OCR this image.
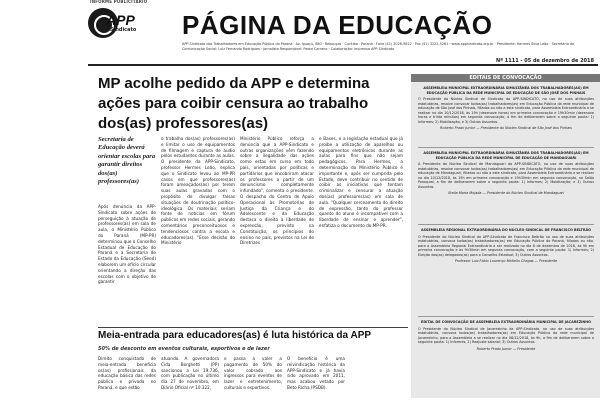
INFORME PUBLICITÁRIO
APP
Sindicato PÁGINA DA EDUCAÇÃO
APP-Sindicato dos Trabalhadores em Educação Pública do Paraná · Av. Iguaçu, 880 · Rebouças · Curitiba · Paraná · Fone (41) 3026-9822 · Fax (41) 3222-5261 · www.appsindicato.org.br · Presidente: Hermes Silva Leão · Secretário de Comunicação Social: Luiz Fernando Rodrigues · Jornalista Responsável: Pedro Carrano · Colaboração: Imprensa APP-Sindicato
Nº 1111 - 05 de dezembro de 2018
MP acolhe pedido da APP e determina ações para coibir censura ao trabalho dos(as) professores(as)

Secretaria de Educação deverá orientar escolas para garantir direitos dos(as) professores(as)

Após denúncia da APP-Sindicato sobre ações de perseguição à atuação de professores(as) em sala de aula, o Ministério Público do Paraná (MP-PR) determinou que o Conselho Estadual de Educação do Paraná e a Secretaria de Estado da Educação (Seed) elaborem um ofício circular orientando a direção das escolas com o objetivo de garantir

o trabalho dos(as) professores(as) e limitar o uso de equipamentos de filmagem e captura de áudio pelos estudantes durante as aulas. O presidente da APP-Sindicato, professor Hermes Leão, explica que o Sindicato levou ao MP-PR casos em que professores(as) foram ameaçados(as) por terem suas aulas gravadas com o propósito de divulgar falsas situações de doutrinação político-ideológica. Os materiais seriam fonte de notícias em fórum públicos em redes sociais, gerando comentários preconceituosos e tendenciosos contra a escola e educadores(as). "Esse decisão do Ministério

Ministério Público reforça a denúncia que a APP-Sindicato e outras organizações vêm fazendo sobre a ilegalidade das ações como estas em curso em todo país, orientadas por políticas e partidários que encobriram atacar os professores a partir de um denuncismo completamente infundado", comenta o presidente. O despacho do Centro de Apoio Operacional às Promotorias de Justiça da Criança e do Adolescente e da Educação destaca o direito à liberdade de expressão, previsto na Constituição, os princípios do ensino no país, previstos na Lei de Diretrizes

e Bases, e a legislação estadual que já proíbe a utilização de aparelhos ou equipamentos eletrônicos durante as aulas para fins que não sejam pedagógicos. Para Hermes, a determinação do Ministério Público é importante e, após ser cumprida pelo Estado, deve contribuir no sentido de coibir as iniciativas que tentam criminalizar e censurar a atuação dos(as) professores(as) em sala de aula. "Qualquer cerceamento do direito de expressão, tanto do professor quanto do aluno é incompatível com a liberdade de ensinar e aprender", enfatiza o documento do MP-PR.

EDITAIS DE CONVOCAÇÃO
ASSEMBLEIA MUNICIPAL EXTRAORDINÁRIA SIMULTÂNEA DOS TRABALHADORES(AS) EM EDUCAÇÃO PÚBLICA DA REDE MUNICIPAL DE EDUCAÇÃO DE SÃO JOSÉ DOS PINHAIS
O Presidente do Núcleo Sindical de Sindicato da APP-SINDICATO, no uso de suas atribuições estatutárias, resolve convocar todos(as) trabalhadores(as) em Educação Pública da rede municipal de educação de São José dos Pinhais, filiados ou não a este sindicato, para Assembleia Extraordinária a se realizar no dia 10/12/2018, às 19h (dezenove horas) em primeira convocação e 19h30min (dezenove horas e trinta minutos) em segunda convocação, a fim de deliberarem sobre a seguinte pauta: 1) Informes; 2) Mobilização; e 3) Outros Assuntos.
Roberto Prado Junior — Presidente do Núcleo Sindical de São José dos Pinhais
ASSEMBLEIA MUNICIPAL EXTRAORDINÁRIA SIMULTÂNEA DOS TRABALHADORES(AS) EM EDUCAÇÃO PÚBLICA DA REDE MUNICIPAL DE EDUCAÇÃO DE MANDAGUARI
A Presidente do Núcleo Sindical de Mandaguari da APP-SINDICATO, no uso de suas atribuições estatutárias, resolve convocar todos(as) trabalhadores(as) em Educação Pública da rede municipal de educação de Mandaguari, filiados ou não a este sindicato, para Assembleia Extraordinária a se realizar no dia 10/12/2018, às 19h em primeira convocação e 19h30min em segunda convocação, no Salão Paroquial, a fim de deliberarem sobre a seguinte pauta: 1) Informes; 2) Mobilização; e 3) Outros Assuntos.
Stella Maria Mojada — Presidente do Núcleo Sindical de Mandaguari
ASSEMBLEIA REGIONAL EXTRAORDINÁRIA DO NÚCLEO SINDICAL DE FRANCISCO BELTRÃO
O Presidente do Núcleo Sindical da APP-Sindicato de Francisco Beltrão no uso de suas atribuições estatutárias, convoca todos(as) trabalhadores(as) em Educação Pública do Paraná, filiados ou não, para a Assembleia Regional Extraordinária a ser realizada no dia 8 de dezembro de 2018, às 9h em primeira convocação e às 9h30min em segunda convocação, com a seguinte pauta: 1) Informes; 2) Eleição dos(as) delegados(as) para o Conselho Estadual; 3) Outros Assuntos.
Professor Luiz Fábio Lourenço Matiello Chagas — Presidente
EDITAL DE CONVOCAÇÃO DE ASSEMBLEIA EXTRAORDINÁRIA MUNICIPAL DE JACAREZINHO
O Presidente do Núcleo Sindical de Jacarezinho da APP-Sindicato, no uso de suas atribuições estatutárias, convoca todos(as) trabalhadores(as) em Educação Pública da rede municipal de Jacarezinho, para a Assembleia a se realizar no dia 08/12/2018, às 9h, a fim de deliberarem sobre a seguinte pauta: 1) Informes; 2) Reajuste salarial; 3) Outros Assuntos.
Roberto Prado Junior — Presidente
Meia-entrada para educadores(as) é luta histórica da APP

50% de desconto em eventos culturais, esportivos e de lazer

Direito conquistado de meia-entrada beneficia os(as) profissionais da educação básica das redes pública e privada no Paraná, e que estão

atuando. A governadora Cida Borghetti (PP) sancionou a Lei 19.736, com publicação no último dia 27 de novembro, em Diário Oficial nº 10.322,

e passa a valer a pagamento de 50% do valor cobrado aos ingressos para eventos de lazer e entretenimento, culturais e esportivos.

O benefício é uma reivindicação histórica da APP-Sindicato e já havia sido aprovado em 2011, mas acabou vetado por Beto Richa (PSDB).
